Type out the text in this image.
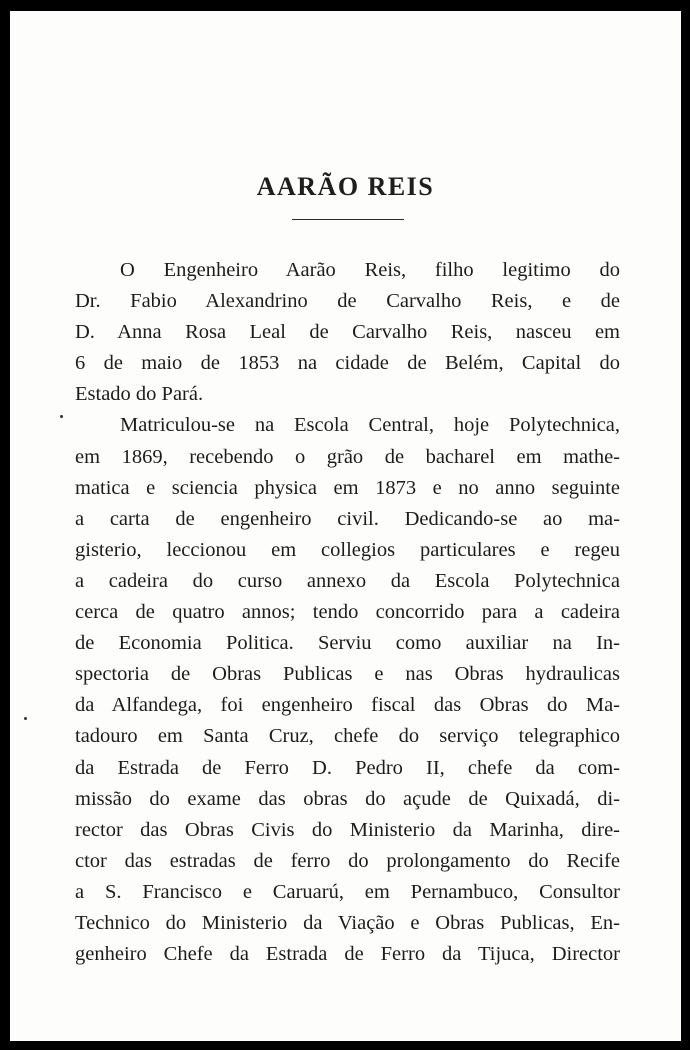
AARÃO REIS
O Engenheiro Aarão Reis, filho legitimo do
Dr. Fabio Alexandrino de Carvalho Reis, e de
D. Anna Rosa Leal de Carvalho Reis, nasceu em
6 de maio de 1853 na cidade de Belém, Capital do
Estado do Pará.
Matriculou-se na Escola Central, hoje Polytechnica,
em 1869, recebendo o grão de bacharel em mathe-
matica e sciencia physica em 1873 e no anno seguinte
a carta de engenheiro civil. Dedicando-se ao ma-
gisterio, leccionou em collegios particulares e regeu
a cadeira do curso annexo da Escola Polytechnica
cerca de quatro annos; tendo concorrido para a cadeira
de Economia Politica. Serviu como auxiliar na In-
spectoria de Obras Publicas e nas Obras hydraulicas
da Alfandega, foi engenheiro fiscal das Obras do Ma-
tadouro em Santa Cruz, chefe do serviço telegraphico
da Estrada de Ferro D. Pedro II, chefe da com-
missão do exame das obras do açude de Quixadá, di-
rector das Obras Civis do Ministerio da Marinha, dire-
ctor das estradas de ferro do prolongamento do Recife
a S. Francisco e Caruarú, em Pernambuco, Consultor
Technico do Ministerio da Viação e Obras Publicas, En-
genheiro Chefe da Estrada de Ferro da Tijuca, Director
